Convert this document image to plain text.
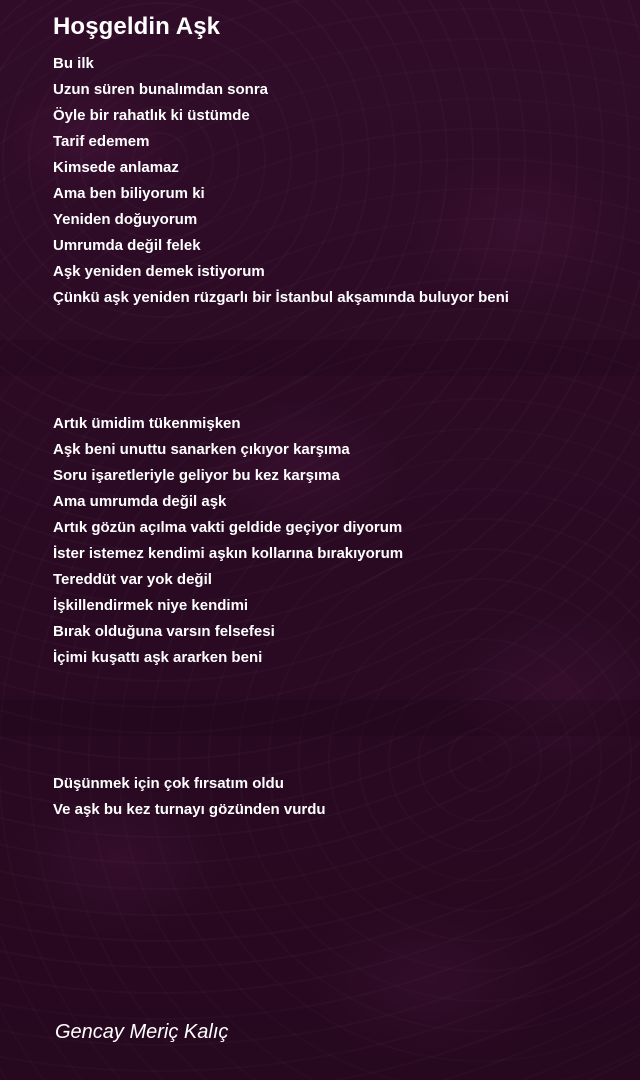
Hoşgeldin Aşk
Bu ilk
Uzun süren bunalımdan sonra
Öyle bir rahatlık ki üstümde
Tarif edemem
Kimsede anlamaz
Ama ben biliyorum ki
Yeniden doğuyorum
Umrumda değil felek
Aşk yeniden demek istiyorum
Çünkü aşk yeniden rüzgarlı bir İstanbul akşamında buluyor beni
Artık ümidim tükenmişken
Aşk beni unuttu sanarken çıkıyor karşıma
Soru işaretleriyle geliyor bu kez karşıma
Ama umrumda değil aşk
Artık gözün açılma vakti geldide geçiyor diyorum
İster istemez kendimi aşkın kollarına bırakıyorum
Tereddüt var yok değil
İşkillendirmek niye kendimi
Bırak olduğuna varsın felsefesi
İçimi kuşattı aşk ararken beni
Düşünmek için çok fırsatım oldu
Ve aşk bu kez turnayı gözünden vurdu

Gencay Meriç Kalıç
